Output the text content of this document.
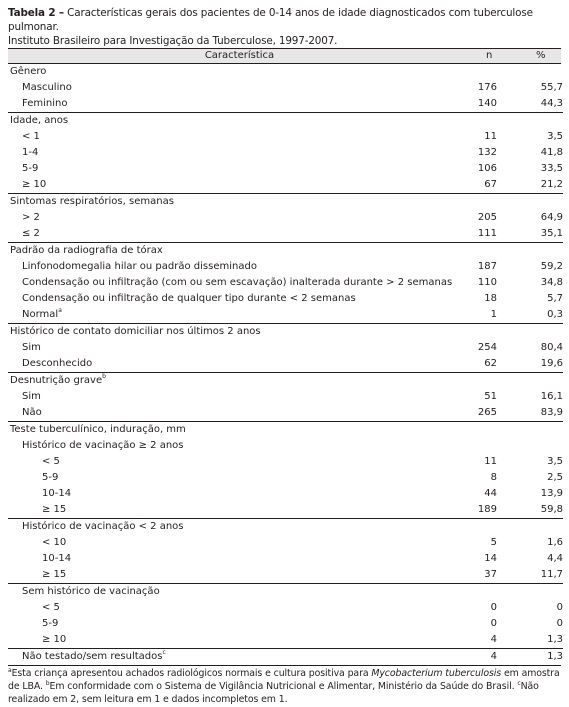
Tabela 2 – Características gerais dos pacientes de 0-14 anos de idade diagnosticados com tuberculose pulmonar.
Instituto Brasileiro para Investigação da Tuberculose, 1997-2007.
Característica	n	%
Gênero		
Masculino	176	55,7
Feminino	140	44,3
Idade, anos		
< 1	11	3,5
1-4	132	41,8
5-9	106	33,5
≥ 10	67	21,2
Sintomas respiratórios, semanas		
> 2	205	64,9
≤ 2	111	35,1
Padrão da radiografia de tórax		
Linfonodomegalia hilar ou padrão disseminado	187	59,2
Condensação ou infiltração (com ou sem escavação) inalterada durante > 2 semanas	110	34,8
Condensação ou infiltração de qualquer tipo durante < 2 semanas	18	5,7
Normal$^a$	1	0,3
Histórico de contato domiciliar nos últimos 2 anos		
Sim	254	80,4
Desconhecido	62	19,6
Desnutrição grave$^b$		
Sim	51	16,1
Não	265	83,9
Teste tuberculínico, induração, mm		
Histórico de vacinação ≥ 2 anos		
< 5	11	3,5
5-9	8	2,5
10-14	44	13,9
≥ 15	189	59,8
Histórico de vacinação < 2 anos		
< 10	5	1,6
10-14	14	4,4
≥ 15	37	11,7
Sem histórico de vacinação		
< 5	0	0
5-9	0	0
≥ 10	4	1,3
Não testado/sem resultados$^c$	4	1,3
$^a$Esta criança apresentou achados radiológicos normais e cultura positiva para Mycobacterium tuberculosis em amostra de LBA. $^b$Em conformidade com o Sistema de Vigilância Nutricional e Alimentar, Ministério da Saúde do Brasil. $^c$Não realizado em 2, sem leitura em 1 e dados incompletos em 1.
